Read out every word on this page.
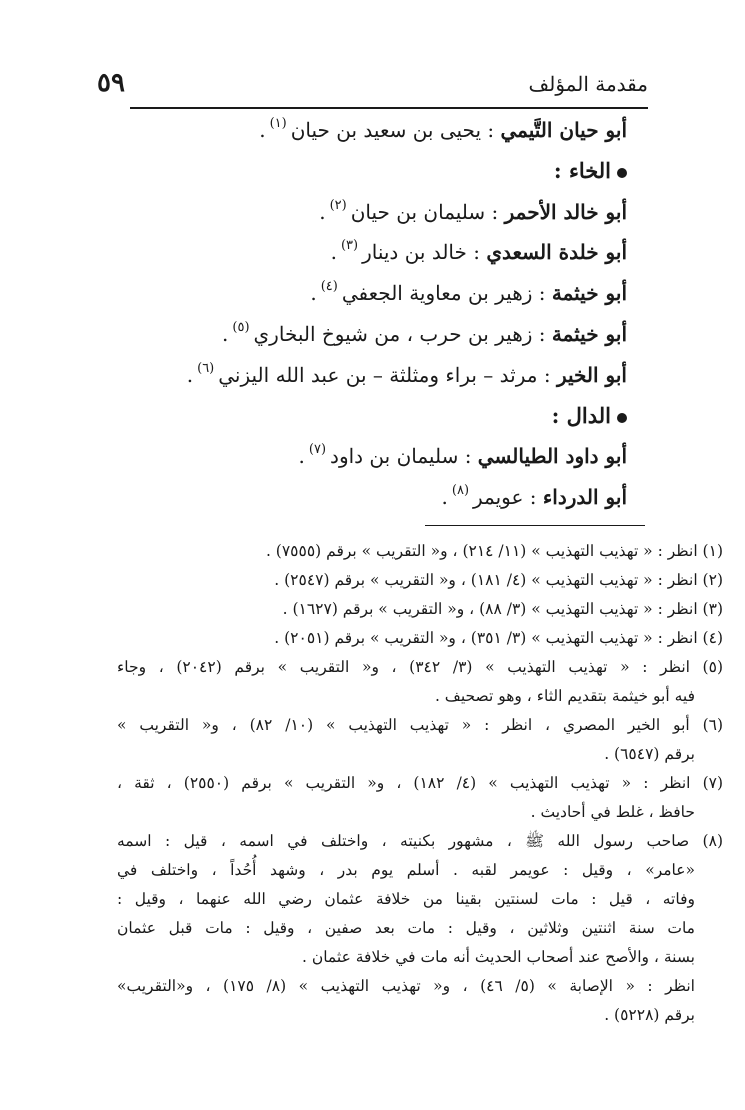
مقدمة المؤلف
٥٩
أبو حيان التَّيمي : يحيى بن سعيد بن حيان$^{(١)}$.
الخاء :
أبو خالد الأحمر : سليمان بن حيان$^{(٢)}$.
أبو خلدة السعدي : خالد بن دينار$^{(٣)}$.
أبو خيثمة : زهير بن معاوية الجعفي$^{(٤)}$.
أبو خيثمة : زهير بن حرب ، من شيوخ البخاري$^{(٥)}$.
أبو الخير : مرثد – براء ومثلثة – بن عبد الله اليزني$^{(٦)}$.
الدال :
أبو داود الطيالسي : سليمان بن داود$^{(٧)}$.
أبو الدرداء : عويمر$^{(٨)}$.
(١) انظر : « تهذيب التهذيب » (١١/ ٢١٤) ، و« التقريب » برقم (٧٥٥٥) .
(٢) انظر : « تهذيب التهذيب » (٤/ ١٨١) ، و« التقريب » برقم (٢٥٤٧) .
(٣) انظر : « تهذيب التهذيب » (٣/ ٨٨) ، و« التقريب » برقم (١٦٢٧) .
(٤) انظر : « تهذيب التهذيب » (٣/ ٣٥١) ، و« التقريب » برقم (٢٠٥١) .
(٥) انظر : « تهذيب التهذيب » (٣/ ٣٤٢) ، و« التقريب » برقم (٢٠٤٢) ، وجاء
فيه أبو خيثمة بتقديم الثاء ، وهو تصحيف .
(٦) أبو الخير المصري ، انظر : « تهذيب التهذيب » (١٠/ ٨٢) ، و« التقريب »
برقم (٦٥٤٧) .
(٧) انظر : « تهذيب التهذيب » (٤/ ١٨٢) ، و« التقريب » برقم (٢٥٥٠) ، ثقة ،
حافظ ، غلط في أحاديث .
(٨) صاحب رسول الله ﷺ ، مشهور بكنيته ، واختلف في اسمه ، قيل : اسمه
«عامر» ، وقيل : عويمر لقبه . أسلم يوم بدر ، وشهد أُحُداً ، واختلف في
وفاته ، قيل : مات لسنتين بقينا من خلافة عثمان رضي الله عنهما ، وقيل :
مات سنة اثنتين وثلاثين ، وقيل : مات بعد صفين ، وقيل : مات قبل عثمان
بسنة ، والأصح عند أصحاب الحديث أنه مات في خلافة عثمان .
انظر : « الإصابة » (٥/ ٤٦) ، و« تهذيب التهذيب » (٨/ ١٧٥) ، و«التقريب»
برقم (٥٢٢٨) .
